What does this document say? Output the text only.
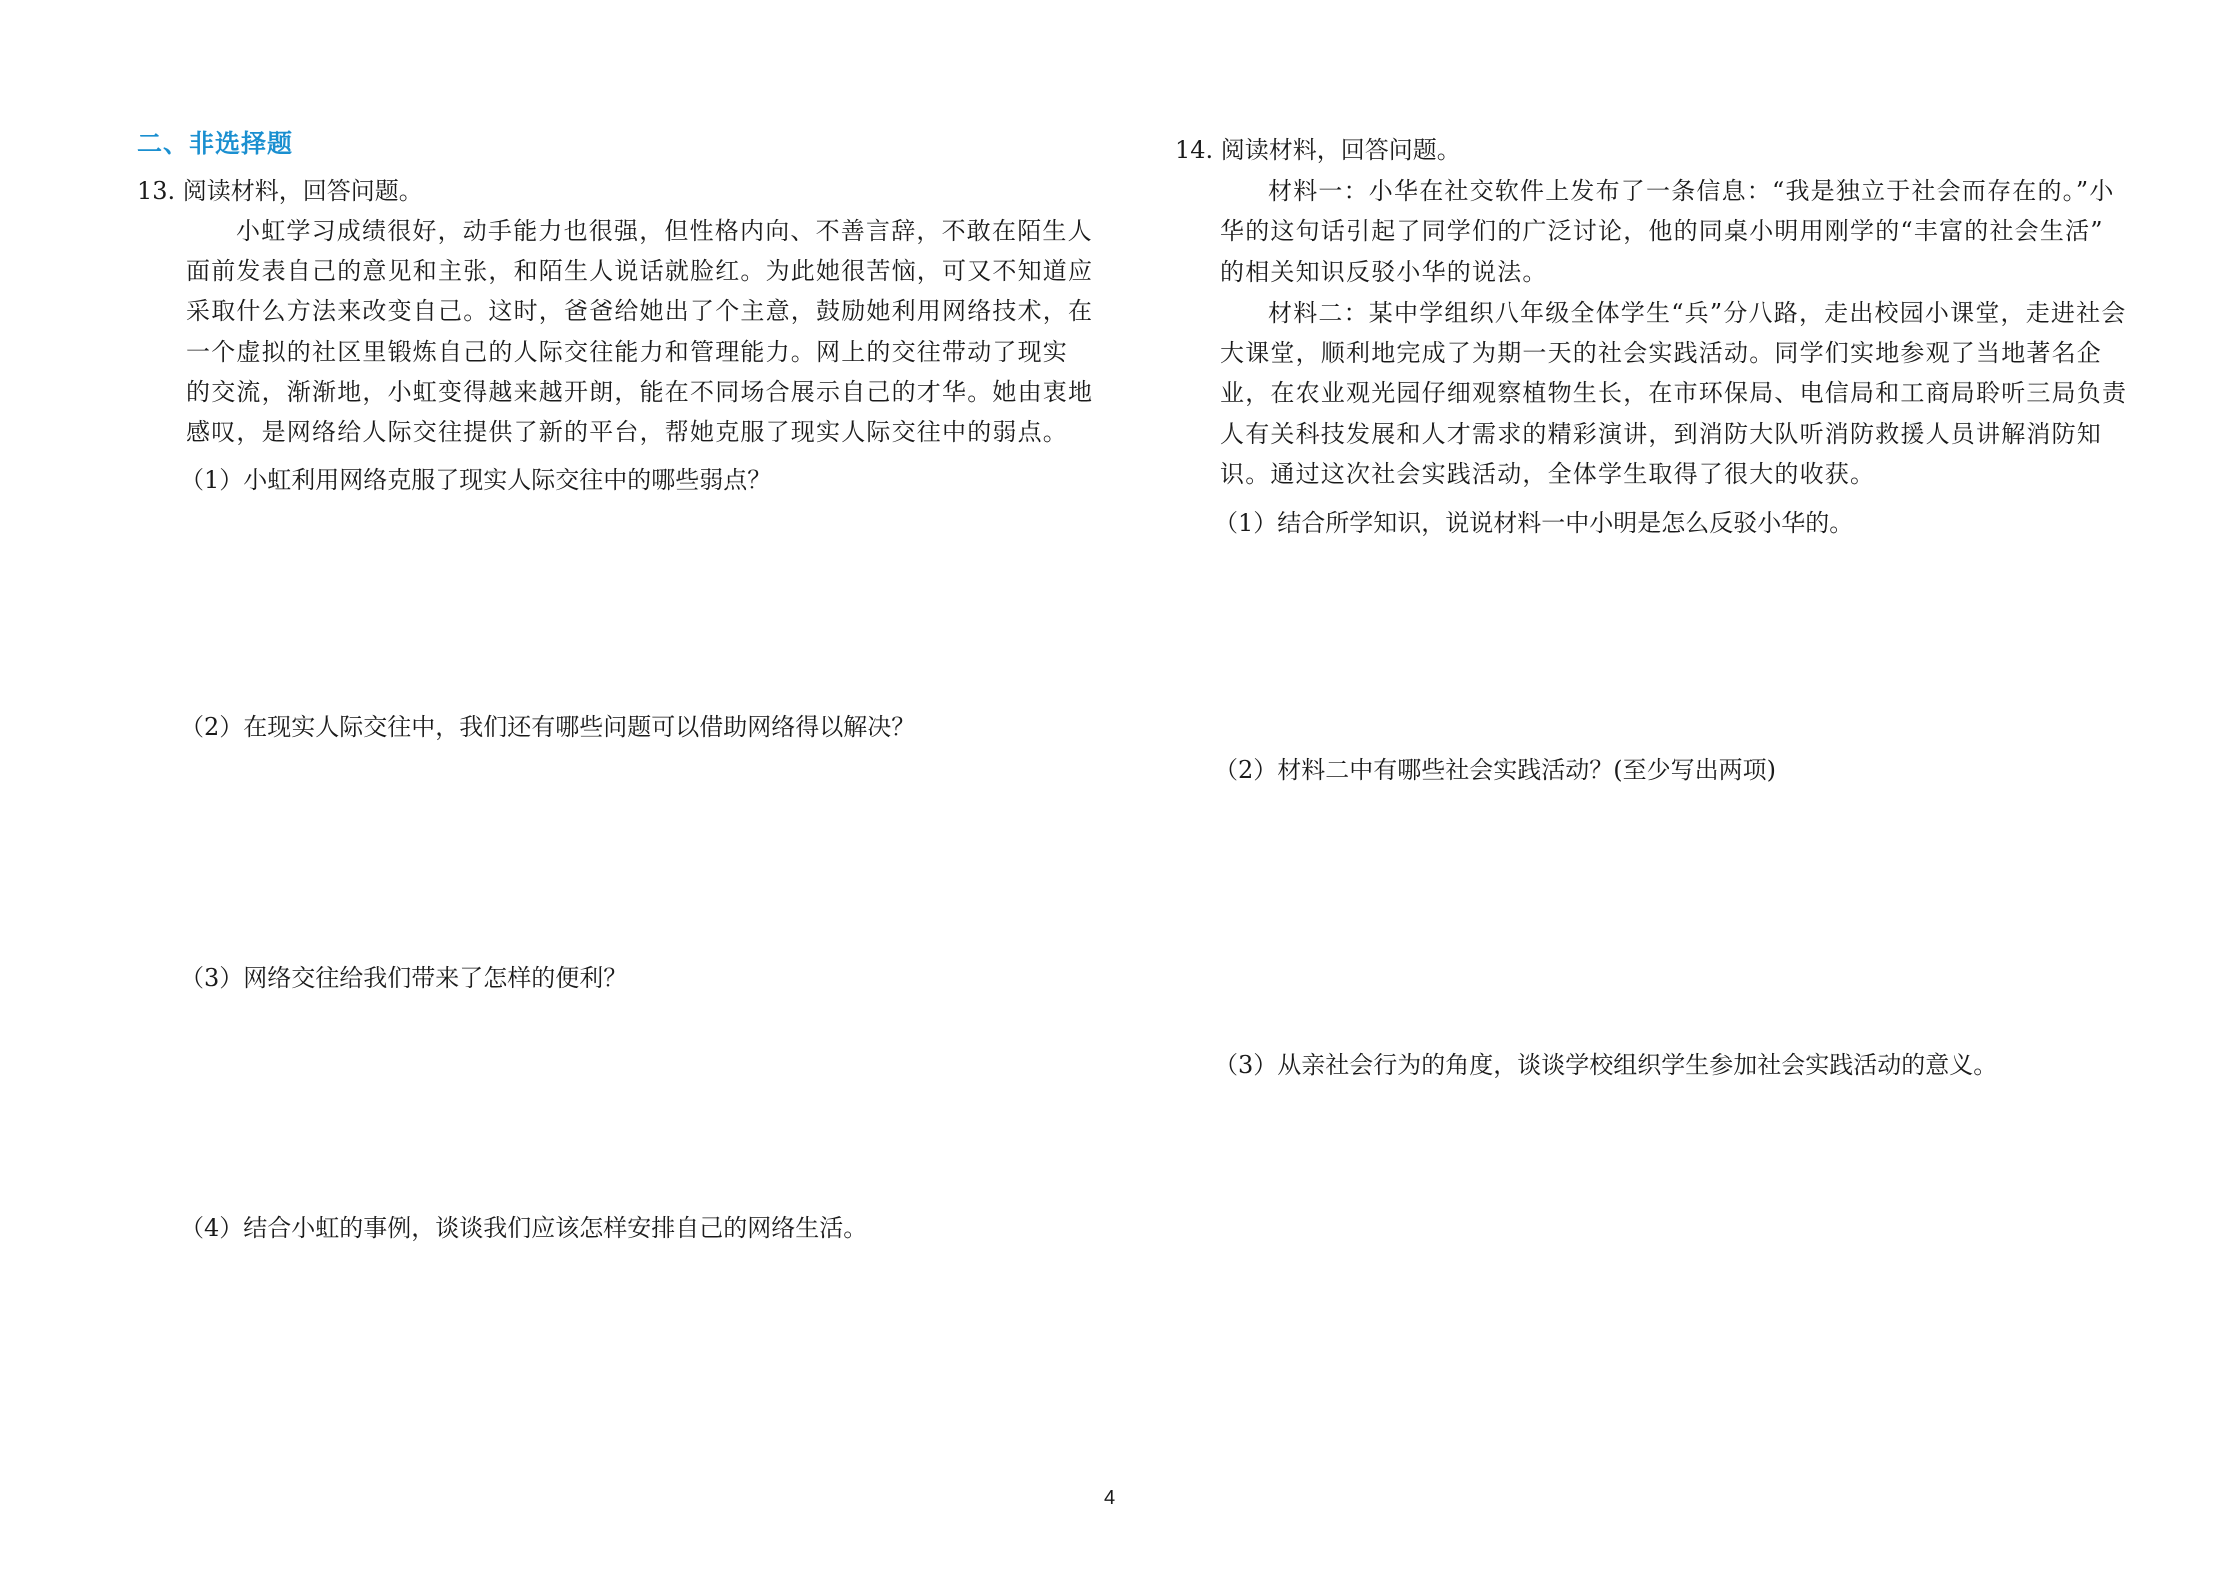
二、非选择题
13. 阅读材料，回答问题。
小虹学习成绩很好，动手能力也很强，但性格内向、不善言辞，不敢在陌生人
面前发表自己的意见和主张，和陌生人说话就脸红。为此她很苦恼，可又不知道应
采取什么方法来改变自己。这时，爸爸给她出了个主意，鼓励她利用网络技术，在
一个虚拟的社区里锻炼自己的人际交往能力和管理能力。网上的交往带动了现实
的交流，渐渐地，小虹变得越来越开朗，能在不同场合展示自己的才华。她由衷地
感叹，是网络给人际交往提供了新的平台，帮她克服了现实人际交往中的弱点。
（1）小虹利用网络克服了现实人际交往中的哪些弱点？
（2）在现实人际交往中，我们还有哪些问题可以借助网络得以解决？
（3）网络交往给我们带来了怎样的便利？
（4）结合小虹的事例，谈谈我们应该怎样安排自己的网络生活。
14. 阅读材料，回答问题。
材料一：小华在社交软件上发布了一条信息：“我是独立于社会而存在的。”小
华的这句话引起了同学们的广泛讨论，他的同桌小明用刚学的“丰富的社会生活”
的相关知识反驳小华的说法。
材料二：某中学组织八年级全体学生“兵”分八路，走出校园小课堂，走进社会
大课堂，顺利地完成了为期一天的社会实践活动。同学们实地参观了当地著名企
业，在农业观光园仔细观察植物生长，在市环保局、电信局和工商局聆听三局负责
人有关科技发展和人才需求的精彩演讲，到消防大队听消防救援人员讲解消防知
识。通过这次社会实践活动，全体学生取得了很大的收获。
（1）结合所学知识，说说材料一中小明是怎么反驳小华的。
（2）材料二中有哪些社会实践活动？(至少写出两项)
（3）从亲社会行为的角度，谈谈学校组织学生参加社会实践活动的意义。
4
